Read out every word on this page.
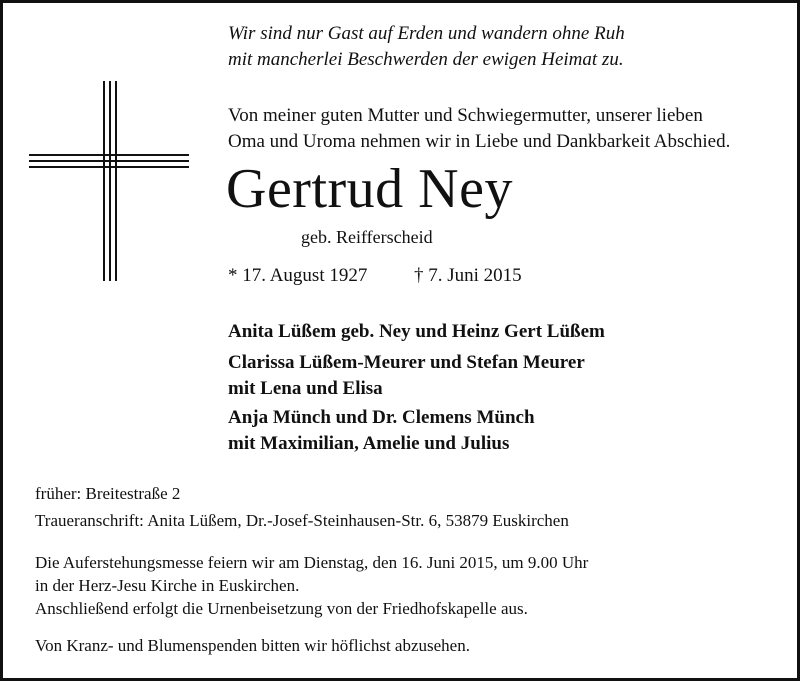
Wir sind nur Gast auf Erden und wandern ohne Ruh
mit mancherlei Beschwerden der ewigen Heimat zu.
Von meiner guten Mutter und Schwiegermutter, unserer lieben
Oma und Uroma nehmen wir in Liebe und Dankbarkeit Abschied.
Gertrud Ney
geb. Reifferscheid
* 17. August 1927 † 7. Juni 2015
Anita Lüßem geb. Ney und Heinz Gert Lüßem
Clarissa Lüßem-Meurer und Stefan Meurer
mit Lena und Elisa
Anja Münch und Dr. Clemens Münch
mit Maximilian, Amelie und Julius
früher: Breitestraße 2
Traueranschrift: Anita Lüßem, Dr.-Josef-Steinhausen-Str. 6, 53879 Euskirchen
Die Auferstehungsmesse feiern wir am Dienstag, den 16. Juni 2015, um 9.00 Uhr
in der Herz-Jesu Kirche in Euskirchen.
Anschließend erfolgt die Urnenbeisetzung von der Friedhofskapelle aus.
Von Kranz- und Blumenspenden bitten wir höflichst abzusehen.
